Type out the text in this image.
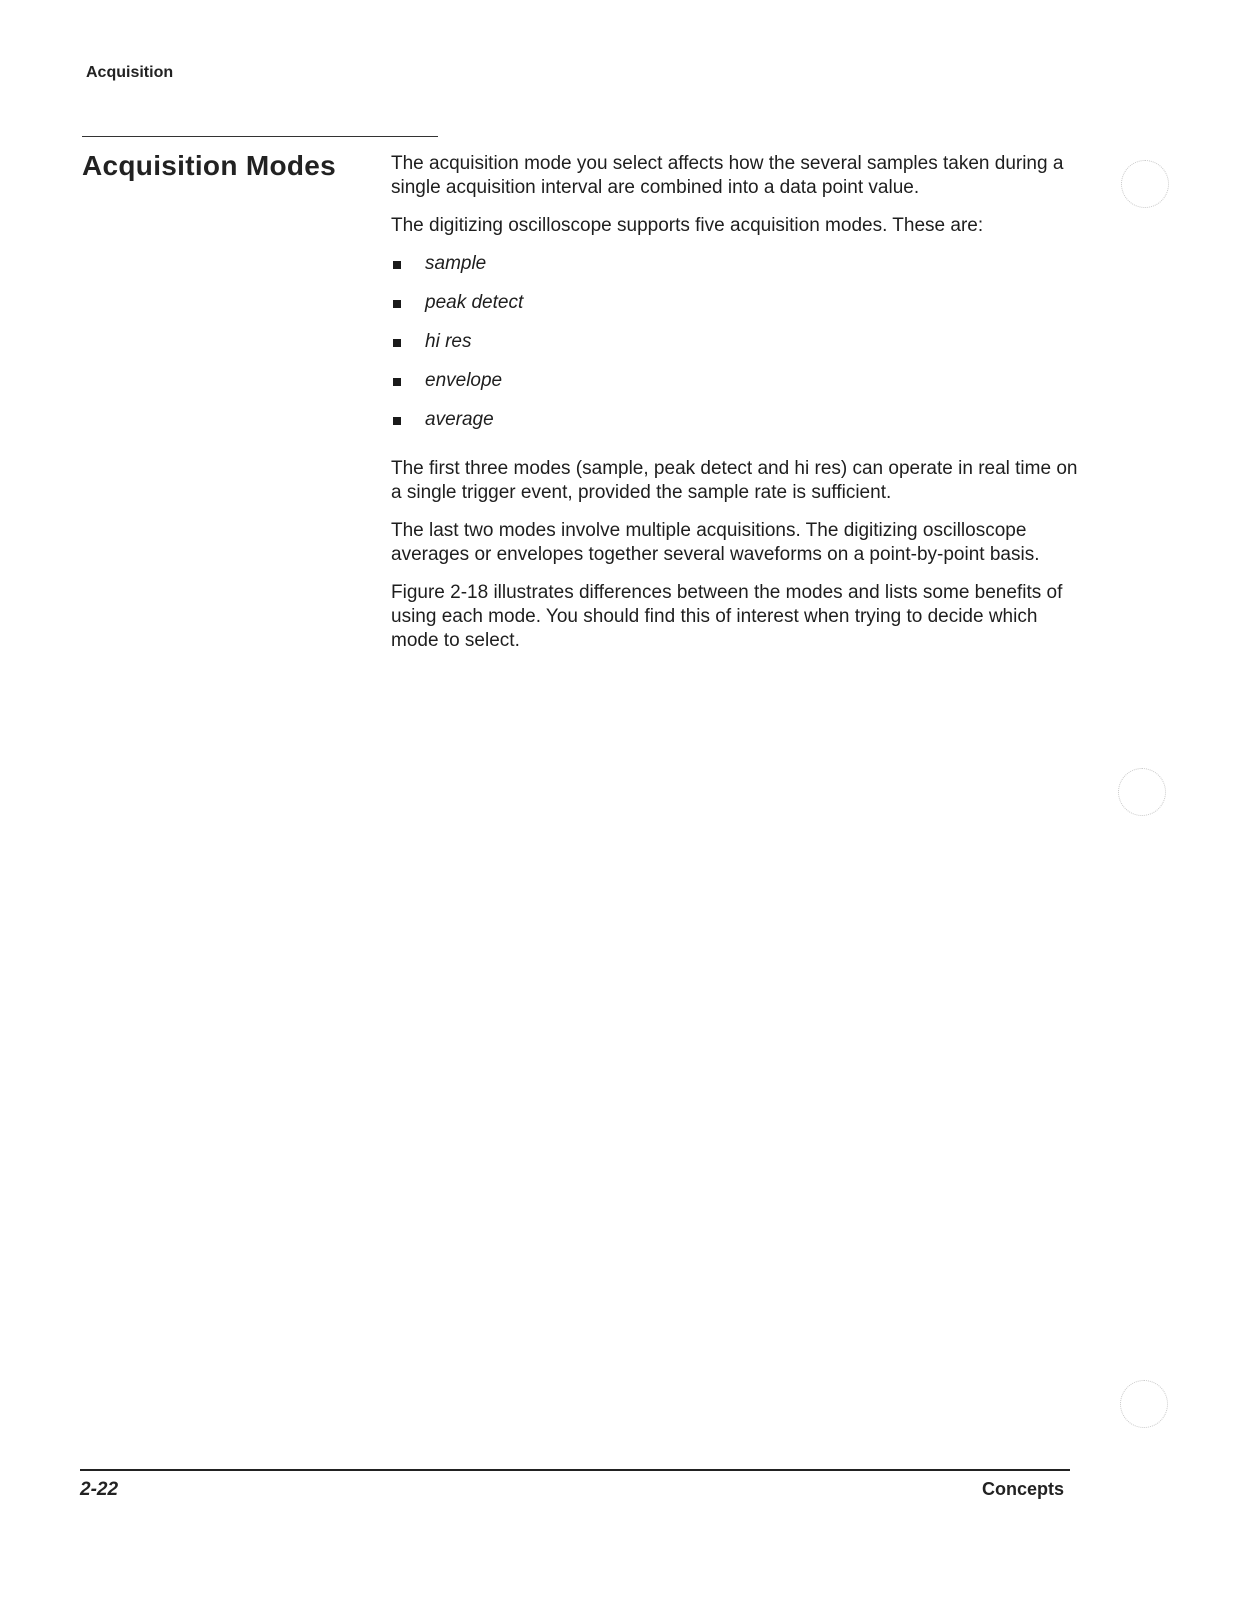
Acquisition
Acquisition Modes	The acquisition mode you select affects how the several samples taken during a single acquisition interval are combined into a data point value.

The digitizing oscilloscope supports five acquisition modes. These are:

sample
peak detect
hi res
envelope
average

The first three modes (sample, peak detect and hi res) can operate in real time on a single trigger event, provided the sample rate is sufficient.

The last two modes involve multiple acquisitions. The digitizing oscilloscope averages or envelopes together several waveforms on a point-by-point basis.

Figure 2-18 illustrates differences between the modes and lists some benefits of using each mode. You should find this of interest when trying to decide which mode to select.

2-22	Concepts
